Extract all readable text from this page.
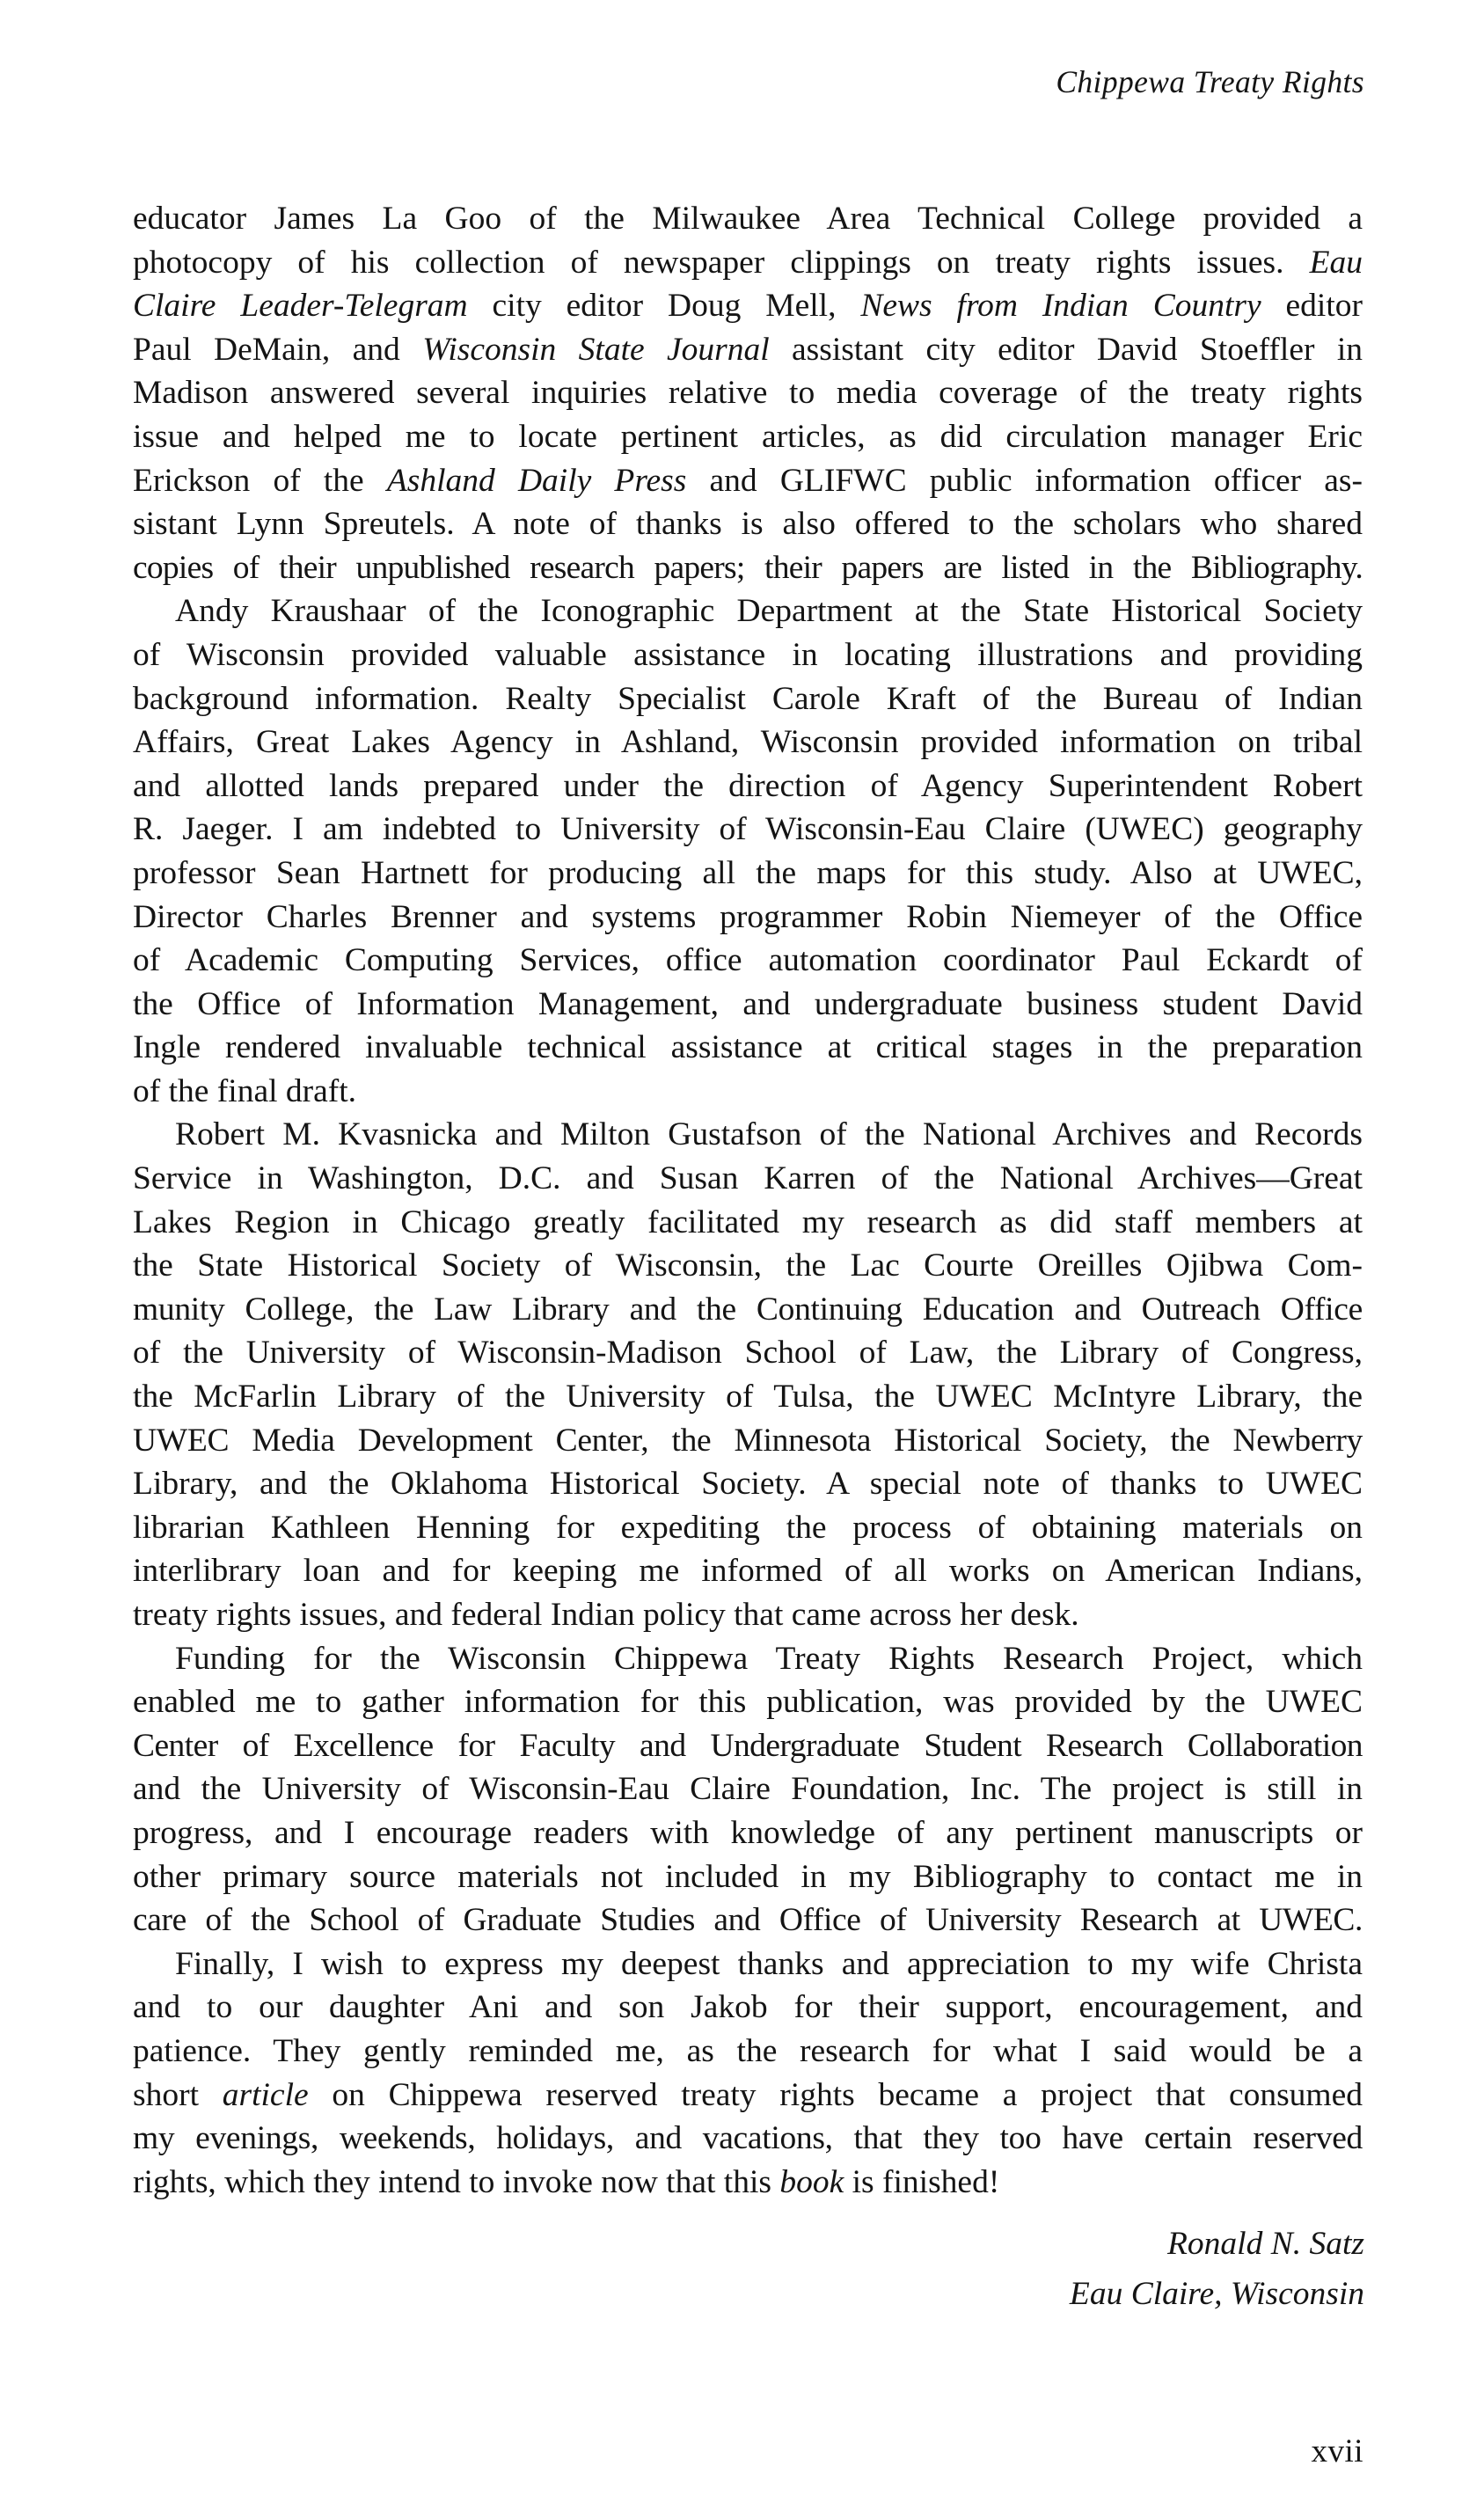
Chippewa Treaty Rights
educator James La Goo of the Milwaukee Area Technical College provided a
photocopy of his collection of newspaper clippings on treaty rights issues. Eau
Claire Leader-Telegram city editor Doug Mell, News from Indian Country editor
Paul DeMain, and Wisconsin State Journal assistant city editor David Stoeffler in
Madison answered several inquiries relative to media coverage of the treaty rights
issue and helped me to locate pertinent articles, as did circulation manager Eric
Erickson of the Ashland Daily Press and GLIFWC public information officer as-
sistant Lynn Spreutels. A note of thanks is also offered to the scholars who shared
copies of their unpublished research papers; their papers are listed in the Bibliography.
Andy Kraushaar of the Iconographic Department at the State Historical Society
of Wisconsin provided valuable assistance in locating illustrations and providing
background information. Realty Specialist Carole Kraft of the Bureau of Indian
Affairs, Great Lakes Agency in Ashland, Wisconsin provided information on tribal
and allotted lands prepared under the direction of Agency Superintendent Robert
R. Jaeger. I am indebted to University of Wisconsin-Eau Claire (UWEC) geography
professor Sean Hartnett for producing all the maps for this study. Also at UWEC,
Director Charles Brenner and systems programmer Robin Niemeyer of the Office
of Academic Computing Services, office automation coordinator Paul Eckardt of
the Office of Information Management, and undergraduate business student David
Ingle rendered invaluable technical assistance at critical stages in the preparation
of the final draft.
Robert M. Kvasnicka and Milton Gustafson of the National Archives and Records
Service in Washington, D.C. and Susan Karren of the National Archives—Great
Lakes Region in Chicago greatly facilitated my research as did staff members at
the State Historical Society of Wisconsin, the Lac Courte Oreilles Ojibwa Com-
munity College, the Law Library and the Continuing Education and Outreach Office
of the University of Wisconsin-Madison School of Law, the Library of Congress,
the McFarlin Library of the University of Tulsa, the UWEC McIntyre Library, the
UWEC Media Development Center, the Minnesota Historical Society, the Newberry
Library, and the Oklahoma Historical Society. A special note of thanks to UWEC
librarian Kathleen Henning for expediting the process of obtaining materials on
interlibrary loan and for keeping me informed of all works on American Indians,
treaty rights issues, and federal Indian policy that came across her desk.
Funding for the Wisconsin Chippewa Treaty Rights Research Project, which
enabled me to gather information for this publication, was provided by the UWEC
Center of Excellence for Faculty and Undergraduate Student Research Collaboration
and the University of Wisconsin-Eau Claire Foundation, Inc. The project is still in
progress, and I encourage readers with knowledge of any pertinent manuscripts or
other primary source materials not included in my Bibliography to contact me in
care of the School of Graduate Studies and Office of University Research at UWEC.
Finally, I wish to express my deepest thanks and appreciation to my wife Christa
and to our daughter Ani and son Jakob for their support, encouragement, and
patience. They gently reminded me, as the research for what I said would be a
short article on Chippewa reserved treaty rights became a project that consumed
my evenings, weekends, holidays, and vacations, that they too have certain reserved
rights, which they intend to invoke now that this book is finished!
Ronald N. Satz
Eau Claire, Wisconsin
xvii
